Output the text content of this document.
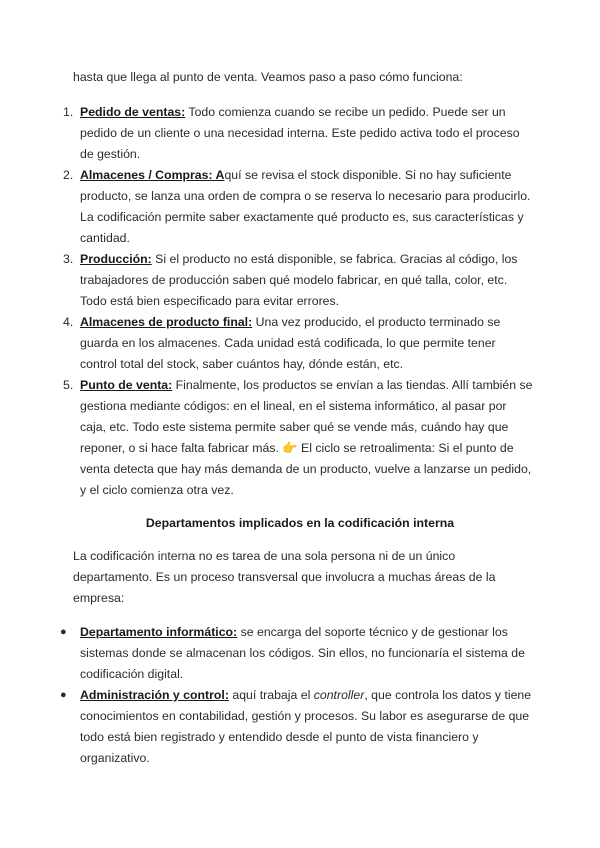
hasta que llega al punto de venta. Veamos paso a paso cómo funciona:
1. Pedido de ventas: Todo comienza cuando se recibe un pedido. Puede ser un
pedido de un cliente o una necesidad interna. Este pedido activa todo el proceso
de gestión.
2. Almacenes / Compras: Aquí se revisa el stock disponible. Si no hay suficiente
producto, se lanza una orden de compra o se reserva lo necesario para producirlo.
La codificación permite saber exactamente qué producto es, sus características y
cantidad.
3. Producción: Si el producto no está disponible, se fabrica. Gracias al código, los
trabajadores de producción saben qué modelo fabricar, en qué talla, color, etc.
Todo está bien especificado para evitar errores.
4. Almacenes de producto final: Una vez producido, el producto terminado se
guarda en los almacenes. Cada unidad está codificada, lo que permite tener
control total del stock, saber cuántos hay, dónde están, etc.
5. Punto de venta: Finalmente, los productos se envían a las tiendas. Allí también se
gestiona mediante códigos: en el lineal, en el sistema informático, al pasar por
caja, etc. Todo este sistema permite saber qué se vende más, cuándo hay que
reponer, o si hace falta fabricar más. 👉 El ciclo se retroalimenta: Si el punto de
venta detecta que hay más demanda de un producto, vuelve a lanzarse un pedido,
y el ciclo comienza otra vez.
Departamentos implicados en la codificación interna
La codificación interna no es tarea de una sola persona ni de un único
departamento. Es un proceso transversal que involucra a muchas áreas de la
empresa:
● Departamento informático: se encarga del soporte técnico y de gestionar los
sistemas donde se almacenan los códigos. Sin ellos, no funcionaría el sistema de
codificación digital.
● Administración y control: aquí trabaja el controller, que controla los datos y tiene
conocimientos en contabilidad, gestión y procesos. Su labor es asegurarse de que
todo está bien registrado y entendido desde el punto de vista financiero y
organizativo.
